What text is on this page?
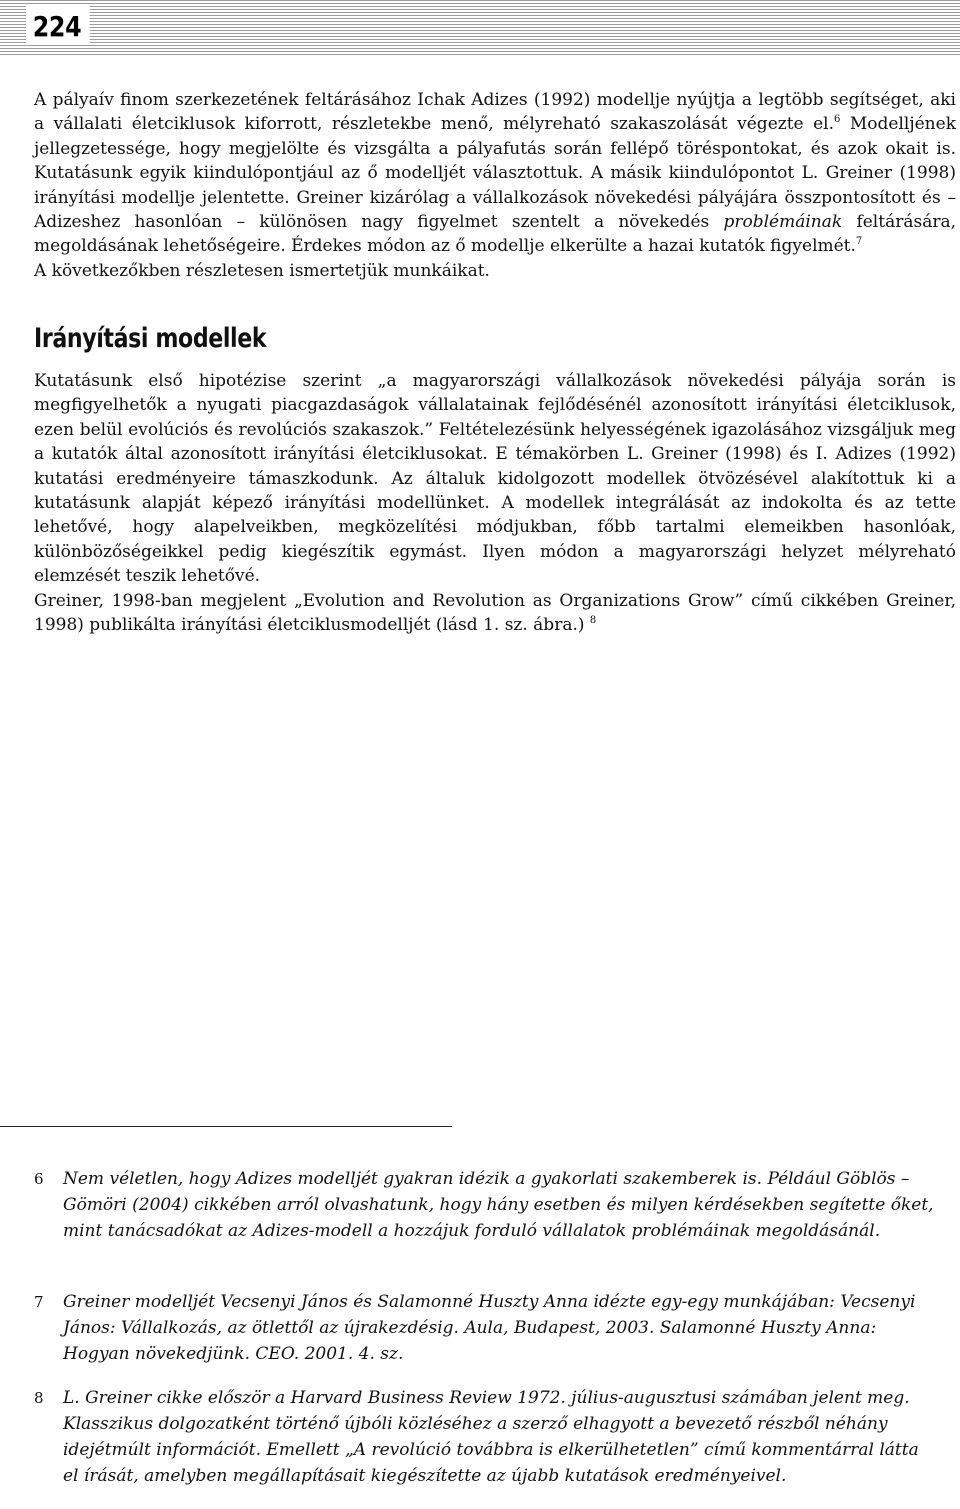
224

A pályaív finom szerkezetének feltárásához Ichak Adizes (1992) modellje nyújtja a legtöbb segítséget, aki a vállalati életciklusok kiforrott, részletekbe menő, mélyreható szakaszolását végezte el.$^6$ Modelljének jellegzetessége, hogy megjelölte és vizsgálta a pályafutás során fellépő töréspontokat, és azok okait is. Kutatásunk egyik kiindulópontjául az ő modelljét választottuk. A másik kiindulópontot L. Greiner (1998) irányítási modellje jelentette. Greiner kizárólag a vállalkozások növekedési pályájára összpontosított és – Adizeshez hasonlóan – különösen nagy figyelmet szentelt a növekedés problémáinak feltárására, megoldásának lehetőségeire. Érdekes módon az ő modellje elkerülte a hazai kutatók figyelmét.$^7$

A következőkben részletesen ismertetjük munkáikat.

Irányítási modellek

Kutatásunk első hipotézise szerint „a magyarországi vállalkozások növekedési pályája során is megfigyelhetők a nyugati piacgazdaságok vállalatainak fejlődésénél azonosított irányítási életciklusok, ezen belül evolúciós és revolúciós szakaszok.” Feltételezésünk helyességének igazolásához vizsgáljuk meg a kutatók által azonosított irányítási életciklusokat. E témakörben L. Greiner (1998) és I. Adizes (1992) kutatási eredményeire támaszkodunk. Az általuk kidolgozott modellek ötvözésével alakítottuk ki a kutatásunk alapját képező irányítási modellünket. A modellek integrálását az indokolta és az tette lehetővé, hogy alapelveikben, megközelítési módjukban, főbb tartalmi elemeikben hasonlóak, különbözőségeikkel pedig kiegészítik egymást. Ilyen módon a magyarországi helyzet mélyreható elemzését teszik lehetővé.

Greiner, 1998-ban megjelent „Evolution and Revolution as Organizations Grow” című cikkében Greiner, 1998) publikálta irányítási életciklusmodelljét (lásd 1. sz. ábra.) $^8$

6 Nem véletlen, hogy Adizes modelljét gyakran idézik a gyakorlati szakemberek is. Például Göblös – Gömöri (2004) cikkében arról olvashatunk, hogy hány esetben és milyen kérdésekben segítette őket, mint tanácsadókat az Adizes-modell a hozzájuk forduló vállalatok problémáinak megoldásánál.
7 Greiner modelljét Vecsenyi János és Salamonné Huszty Anna idézte egy-egy munkájában: Vecsenyi János: Vállalkozás, az ötlettől az újrakezdésig. Aula, Budapest, 2003. Salamonné Huszty Anna: Hogyan növekedjünk. CEO. 2001. 4. sz.
8 L. Greiner cikke először a Harvard Business Review 1972. július-augusztusi számában jelent meg. Klasszikus dolgozatként történő újbóli közléséhez a szerző elhagyott a bevezető részből néhány idejétmúlt információt. Emellett „A revolúció továbbra is elkerülhetetlen” című kommentárral látta el írását, amelyben megállapításait kiegészítette az újabb kutatások eredményeivel.
